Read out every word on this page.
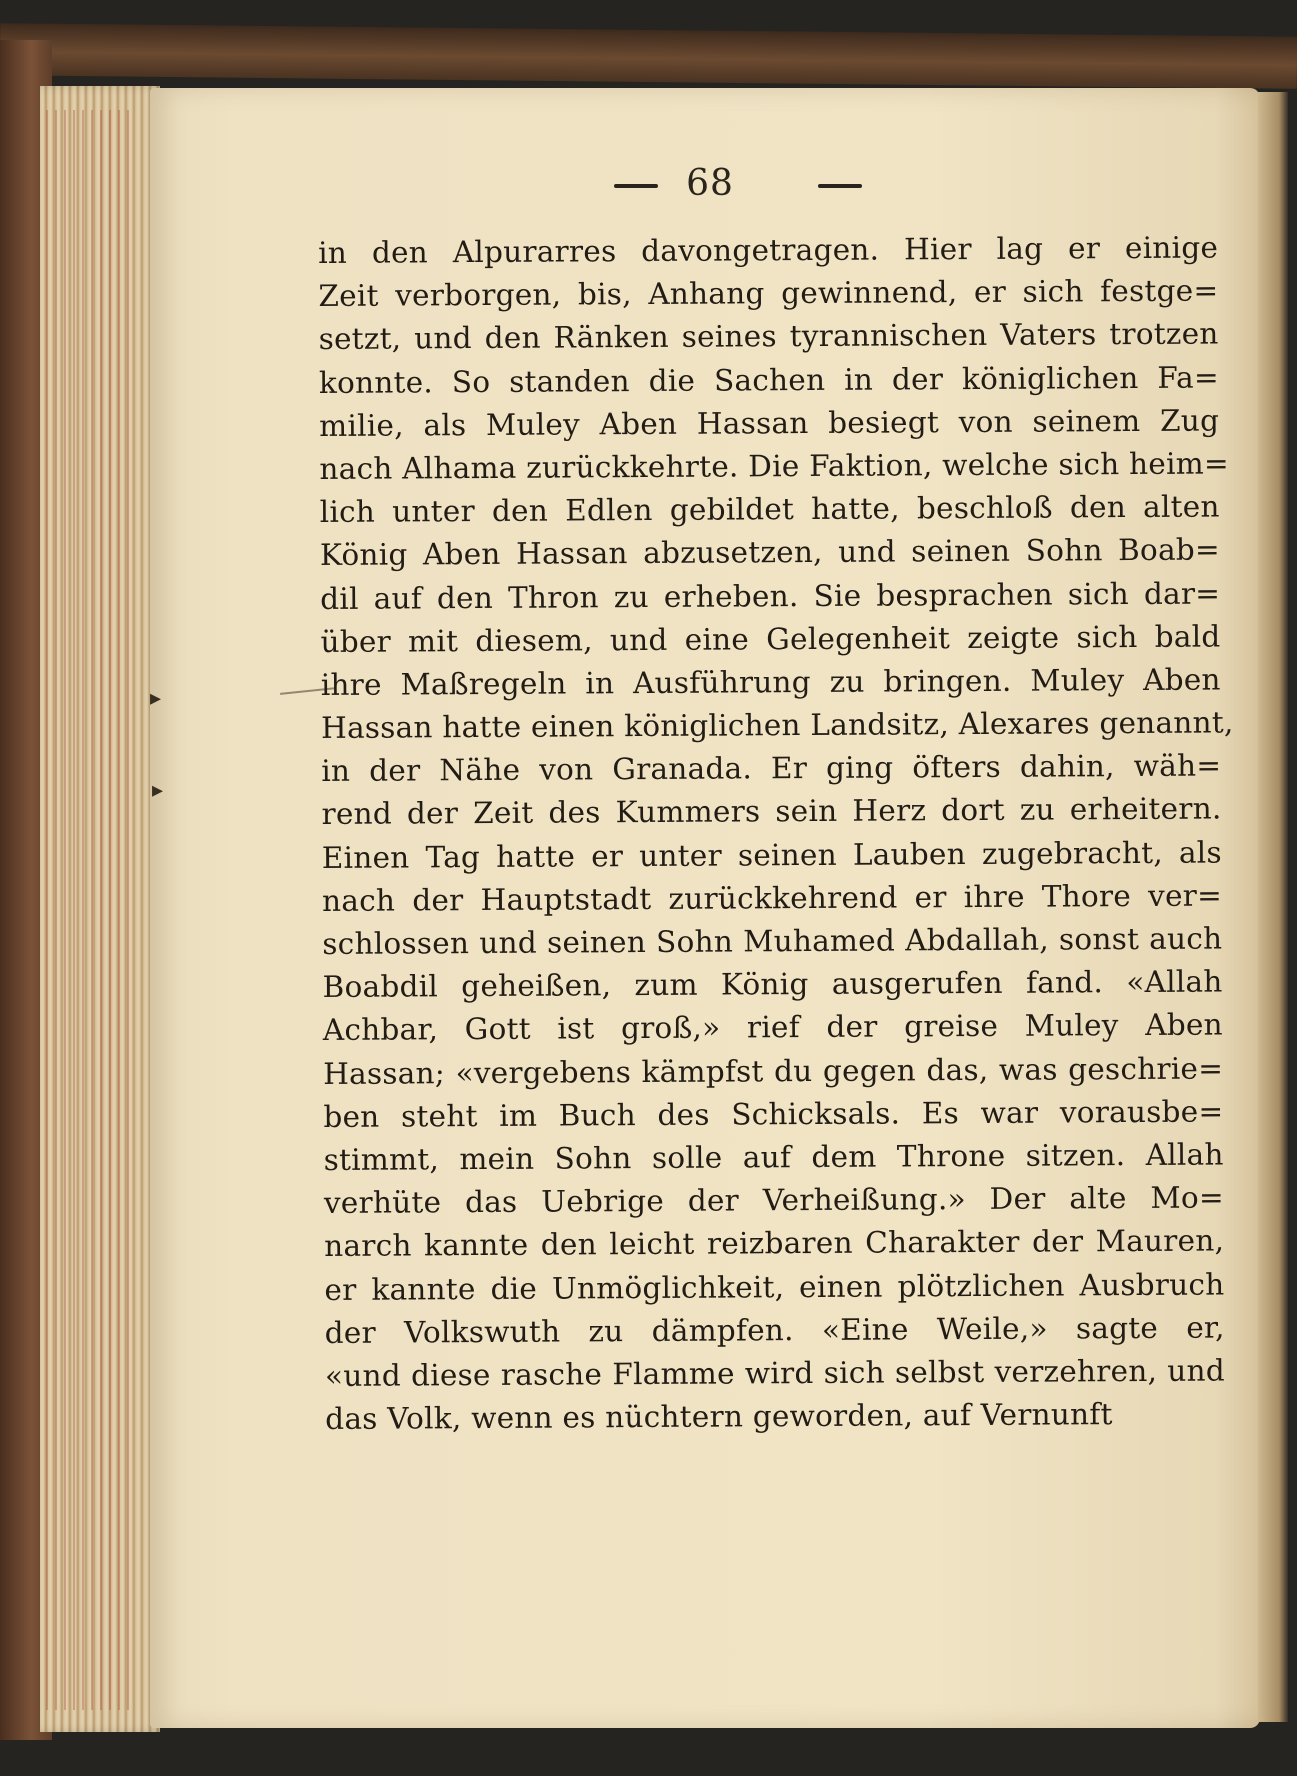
68
▸
▸
in den Alpurarres davongetragen. Hier lag er einige
Zeit verborgen, bis, Anhang gewinnend, er sich festge=
setzt, und den Ränken seines tyrannischen Vaters trotzen
konnte. So standen die Sachen in der königlichen Fa=
milie, als Muley Aben Hassan besiegt von seinem Zug
nach Alhama zurückkehrte. Die Faktion, welche sich heim=
lich unter den Edlen gebildet hatte, beschloß den alten
König Aben Hassan abzusetzen, und seinen Sohn Boab=
dil auf den Thron zu erheben. Sie besprachen sich dar=
über mit diesem, und eine Gelegenheit zeigte sich bald
ihre Maßregeln in Ausführung zu bringen. Muley Aben
Hassan hatte einen königlichen Landsitz, Alexares genannt,
in der Nähe von Granada. Er ging öfters dahin, wäh=
rend der Zeit des Kummers sein Herz dort zu erheitern.
Einen Tag hatte er unter seinen Lauben zugebracht, als
nach der Hauptstadt zurückkehrend er ihre Thore ver=
schlossen und seinen Sohn Muhamed Abdallah, sonst auch
Boabdil geheißen, zum König ausgerufen fand. «Allah
Achbar, Gott ist groß,» rief der greise Muley Aben
Hassan; «vergebens kämpfst du gegen das, was geschrie=
ben steht im Buch des Schicksals. Es war vorausbe=
stimmt, mein Sohn solle auf dem Throne sitzen. Allah
verhüte das Uebrige der Verheißung.» Der alte Mo=
narch kannte den leicht reizbaren Charakter der Mauren,
er kannte die Unmöglichkeit, einen plötzlichen Ausbruch
der Volkswuth zu dämpfen. «Eine Weile,» sagte er,
«und diese rasche Flamme wird sich selbst verzehren, und
das Volk, wenn es nüchtern geworden, auf Vernunft
